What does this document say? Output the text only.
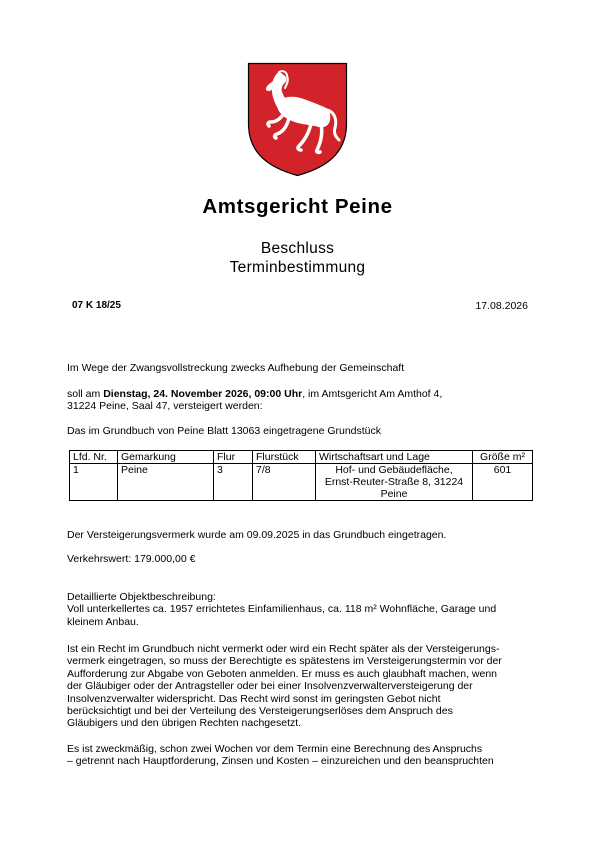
Amtsgericht Peine
Beschluss
Terminbestimmung
07 K 18/25	17.08.2026
Im Wege der Zwangsvollstreckung zwecks Aufhebung der Gemeinschaft
soll am Dienstag, 24. November 2026, 09:00 Uhr, im Amtsgericht Am Amthof 4,
31224 Peine, Saal 47, versteigert werden:
Das im Grundbuch von Peine Blatt 13063 eingetragene Grundstück
Lfd. Nr.	Gemarkung	Flur	Flurstück	Wirtschaftsart und Lage	Größe m²
1	Peine	3	7/8	Hof- und Gebäudefläche,
Ernst-Reuter-Straße 8, 31224
Peine	601
Der Versteigerungsvermerk wurde am 09.09.2025 in das Grundbuch eingetragen.
Verkehrswert: 179.000,00 €
Detaillierte Objektbeschreibung:
Voll unterkellertes ca. 1957 errichtetes Einfamilienhaus, ca. 118 m² Wohnfläche, Garage und
kleinem Anbau.
Ist ein Recht im Grundbuch nicht vermerkt oder wird ein Recht später als der Versteigerungs-
vermerk eingetragen, so muss der Berechtigte es spätestens im Versteigerungstermin vor der
Aufforderung zur Abgabe von Geboten anmelden. Er muss es auch glaubhaft machen, wenn
der Gläubiger oder der Antragsteller oder bei einer Insolvenzverwalterversteigerung der
Insolvenzverwalter widerspricht. Das Recht wird sonst im geringsten Gebot nicht
berücksichtigt und bei der Verteilung des Versteigerungserlöses dem Anspruch des
Gläubigers und den übrigen Rechten nachgesetzt.
Es ist zweckmäßig, schon zwei Wochen vor dem Termin eine Berechnung des Anspruchs
– getrennt nach Hauptforderung, Zinsen und Kosten – einzureichen und den beanspruchten
